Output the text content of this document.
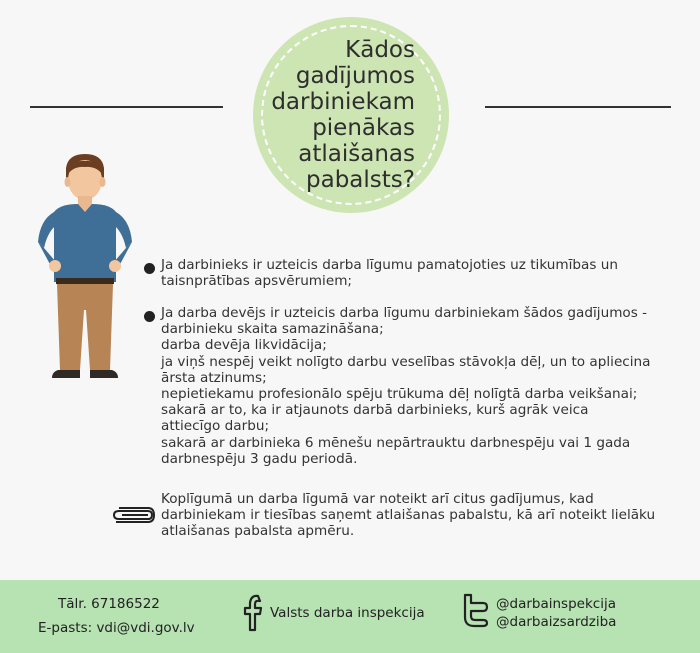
Kādos
gadījumos
darbiniekam
pienākas
atlaišanas
pabalsts?
Ja darbinieks ir uzteicis darba līgumu pamatojoties uz tikumības un
taisnprātības apsvērumiem;
Ja darba devējs ir uzteicis darba līgumu darbiniekam šādos gadījumos -
darbinieku skaita samazināšana;
darba devēja likvidācija;
ja viņš nespēj veikt nolīgto darbu veselības stāvokļa dēļ, un to apliecina
ārsta atzinums;
nepietiekamu profesionālo spēju trūkuma dēļ nolīgtā darba veikšanai;
sakarā ar to, ka ir atjaunots darbā darbinieks, kurš agrāk veica
attiecīgo darbu;
sakarā ar darbinieka 6 mēnešu nepārtrauktu darbnespēju vai 1 gada
darbnespēju 3 gadu periodā.
Koplīgumā un darba līgumā var noteikt arī citus gadījumus, kad
darbiniekam ir tiesības saņemt atlaišanas pabalstu, kā arī noteikt lielāku
atlaišanas pabalsta apmēru.
Tālr. 67186522
E-pasts: vdi@vdi.gov.lv
Valsts darba inspekcija
@darbainspekcija
@darbaizsardziba
